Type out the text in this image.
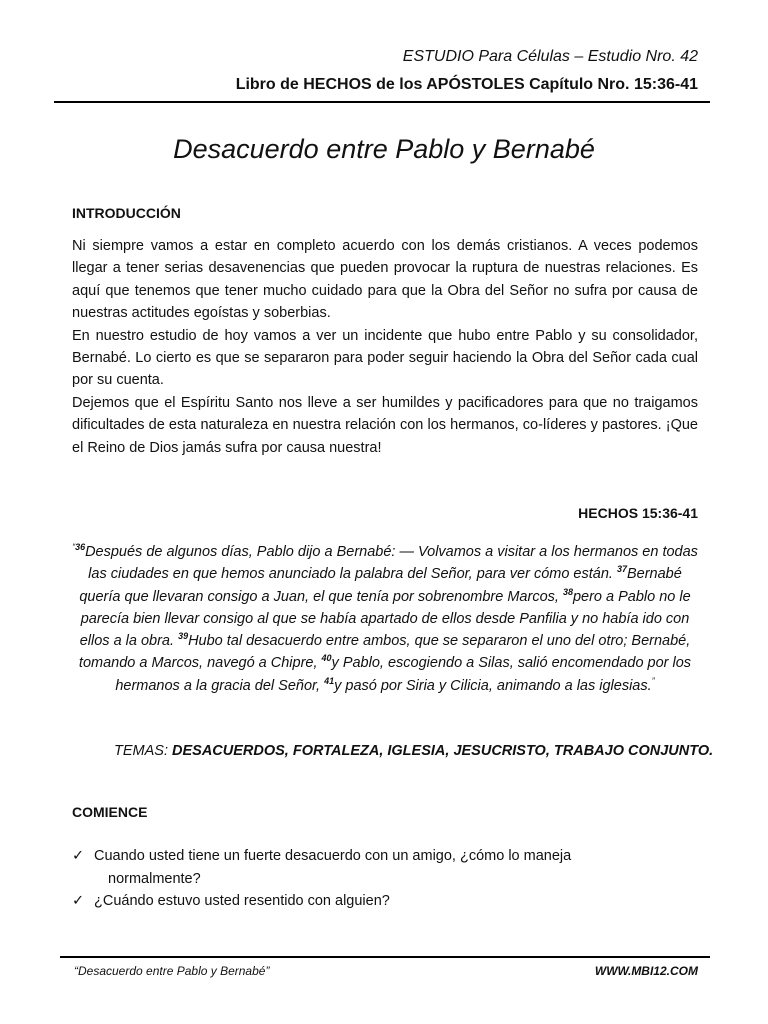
ESTUDIO Para Células – Estudio Nro. 42
Libro de HECHOS de los APÓSTOLES Capítulo Nro. 15:36-41
Desacuerdo entre Pablo y Bernabé
INTRODUCCIÓN

Ni siempre vamos a estar en completo acuerdo con los demás cristianos. A veces podemos llegar a tener serias desavenencias que pueden provocar la ruptura de nuestras relaciones. Es aquí que tenemos que tener mucho cuidado para que la Obra del Señor no sufra por causa de nuestras actitudes egoístas y soberbias.

En nuestro estudio de hoy vamos a ver un incidente que hubo entre Pablo y su consolidador, Bernabé. Lo cierto es que se separaron para poder seguir haciendo la Obra del Señor cada cual por su cuenta.

Dejemos que el Espíritu Santo nos lleve a ser humildes y pacificadores para que no traigamos dificultades de esta naturaleza en nuestra relación con los hermanos, co-líderes y pastores. ¡Que el Reino de Dios jamás sufra por causa nuestra!

HECHOS 15:36-41
$^{“36}$Después de algunos días, Pablo dijo a Bernabé: — Volvamos a visitar a los hermanos en todas las ciudades en que hemos anunciado la palabra del Señor, para ver cómo están. $^{37}$Bernabé quería que llevaran consigo a Juan, el que tenía por sobrenombre Marcos, $^{38}$pero a Pablo no le parecía bien llevar consigo al que se había apartado de ellos desde Panfilia y no había ido con ellos a la obra. $^{39}$Hubo tal desacuerdo entre ambos, que se separaron el uno del otro; Bernabé, tomando a Marcos, navegó a Chipre, $^{40}$y Pablo, escogiendo a Silas, salió encomendado por los hermanos a la gracia del Señor, $^{41}$y pasó por Siria y Cilicia, animando a las iglesias.”
TEMAS: DESACUERDOS, FORTALEZA, IGLESIA, JESUCRISTO, TRABAJO CONJUNTO.
COMIENCE
✓ Cuando usted tiene un fuerte desacuerdo con un amigo, ¿cómo lo maneja
normalmente?
✓ ¿Cuándo estuvo usted resentido con alguien?
“Desacuerdo entre Pablo y Bernabé”	WWW.MBI12.COM
